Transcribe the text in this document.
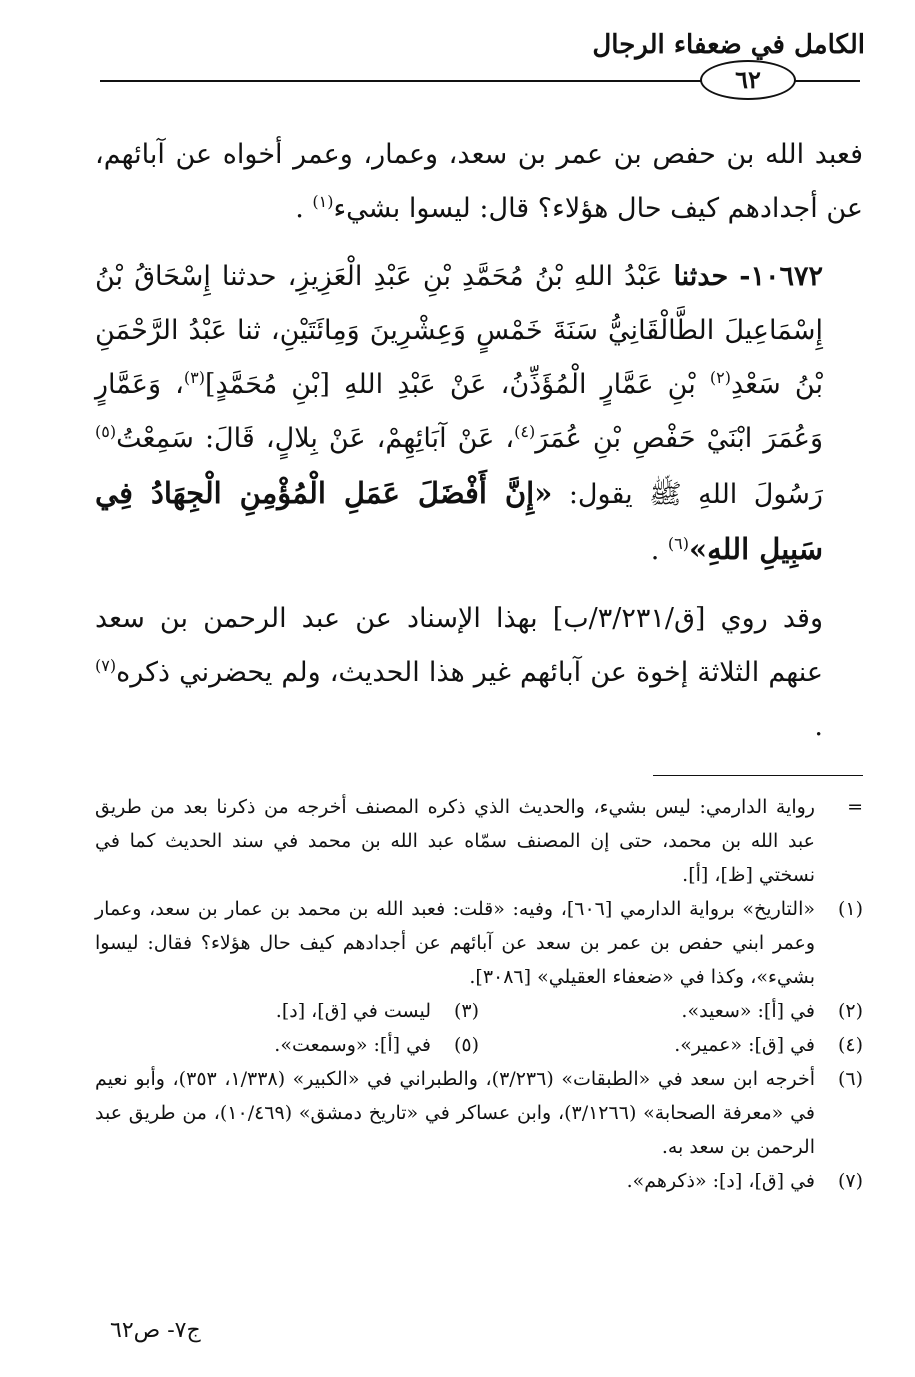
الكامل في ضعفاء الرجال
٦٢

فعبد الله بن حفص بن عمر بن سعد، وعمار، وعمر أخواه عن آبائهم، عن أجدادهم كيف حال هؤلاء؟ قال: ليسوا بشيء$^{(١)}$ .

١٠٦٧٢- حدثنا عَبْدُ اللهِ بْنُ مُحَمَّدِ بْنِ عَبْدِ الْعَزِيزِ، حدثنا إِسْحَاقُ بْنُ إِسْمَاعِيلَ الطَّالْقَانِيُّ سَنَةَ خَمْسٍ وَعِشْرِينَ وَمِائَتَيْنِ، ثنا عَبْدُ الرَّحْمَنِ بْنُ سَعْدِ$^{(٢)}$ بْنِ عَمَّارٍ الْمُؤَذِّنُ، عَنْ عَبْدِ اللهِ [بْنِ مُحَمَّدٍ]$^{(٣)}$، وَعَمَّارٍ وَعُمَرَ ابْنَيْ حَفْصِ بْنِ عُمَرَ$^{(٤)}$، عَنْ آبَائِهِمْ، عَنْ بِلالٍ، قَالَ: سَمِعْتُ$^{(٥)}$ رَسُولَ اللهِ ﷺ يقول: «إِنَّ أَفْضَلَ عَمَلِ الْمُؤْمِنِ الْجِهَادُ فِي سَبِيلِ اللهِ»$^{(٦)}$ .

وقد روي [ق/٣/٢٣١/ب] بهذا الإسناد عن عبد الرحمن بن سعد عنهم الثلاثة إخوة عن آبائهم غير هذا الحديث، ولم يحضرني ذكره$^{(٧)}$ .

=
رواية الدارمي: ليس بشيء، والحديث الذي ذكره المصنف أخرجه من ذكرنا بعد من طريق عبد الله بن محمد، حتى إن المصنف سمّاه عبد الله بن محمد في سند الحديث كما في نسختي [ظ]، [أ].
(١)
«التاريخ» برواية الدارمي [٦٠٦]، وفيه: «قلت: فعبد الله بن محمد بن عمار بن سعد، وعمار وعمر ابني حفص بن عمر بن سعد عن آبائهم عن أجدادهم كيف حال هؤلاء؟ فقال: ليسوا بشيء»، وكذا في «ضعفاء العقيلي» [٣٠٨٦].
(٢)
في [أ]: «سعيد».
(٣)
ليست في [ق]، [د].
(٤)
في [ق]: «عمير».
(٥)
في [أ]: «وسمعت».
(٦)
أخرجه ابن سعد في «الطبقات» (٣/٢٣٦)، والطبراني في «الكبير» (١/٣٣٨، ٣٥٣)، وأبو نعيم في «معرفة الصحابة» (٣/١٢٦٦)، وابن عساكر في «تاريخ دمشق» (١٠/٤٦٩)، من طريق عبد الرحمن بن سعد به.
(٧)
في [ق]، [د]: «ذكرهم».
ج٧- ص٦٢
